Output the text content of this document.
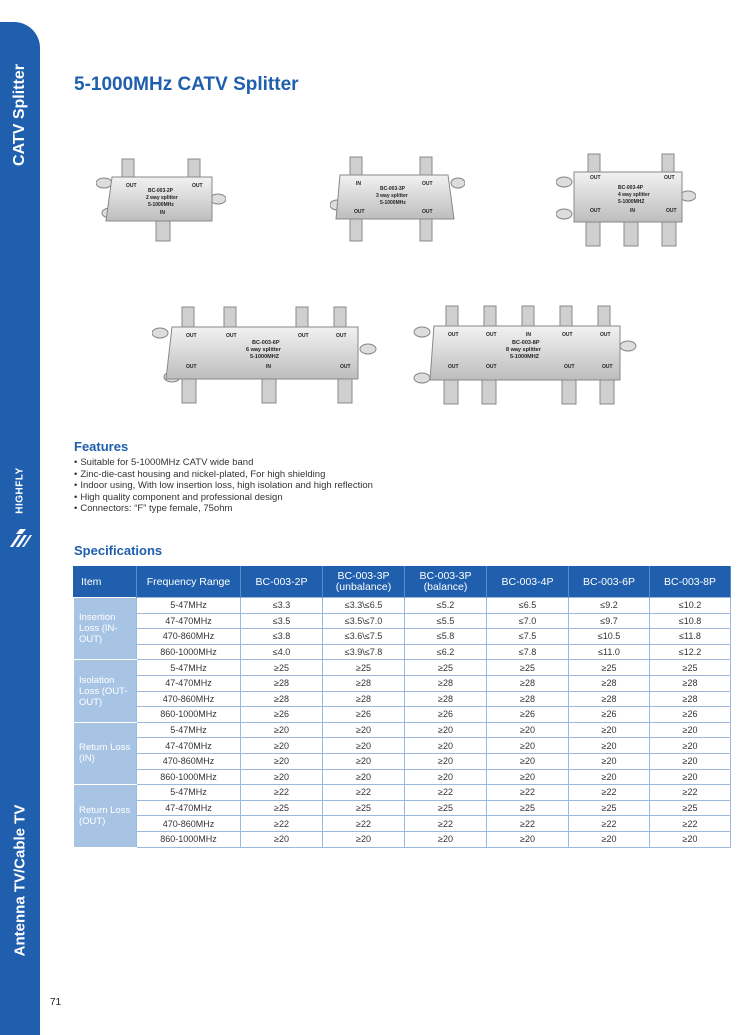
CATV Splitter
HIGHFLY
Antenna TV/Cable TV
71
5-1000MHz CATV Splitter
OUT	OUT
BC-003-2P
2 way splitter
5-1000MHz
IN
IN	OUT
BC-003-3P
3 way splitter
5-1000MHz
OUT	OUT
OUT	OUT
BC-003-4P
4 way splitter
5-1000MHZ
OUT	IN	OUT
OUT	OUT	OUT	OUT
BC-003-6P
6 way splitter
5-1000MHZ
OUT	IN	OUT
OUT	OUT	IN	OUT	OUT
BC-003-8P
8 way splitter
5-1000MHZ
OUT	OUT	OUT	OUT
Features
• Suitable for 5-1000MHz CATV wide band
• Zinc-die-cast housing and nickel-plated, For high shielding
• Indoor using, With low insertion loss, high isolation and high reflection
• High quality component and professional design
• Connectors: “F” type female, 75ohm
Specifications
Item	Frequency Range	BC-003-2P	BC-003-3P (unbalance)	BC-003-3P (balance)	BC-003-4P	BC-003-6P	BC-003-8P
Insertion Loss (IN-OUT)	5-47MHz	≤3.3	≤3.3\≤6.5	≤5.2	≤6.5	≤9.2	≤10.2
	47-470MHz	≤3.5	≤3.5\≤7.0	≤5.5	≤7.0	≤9.7	≤10.8
	470-860MHz	≤3.8	≤3.6\≤7.5	≤5.8	≤7.5	≤10.5	≤11.8
	860-1000MHz	≤4.0	≤3.9\≤7.8	≤6.2	≤7.8	≤11.0	≤12.2
Isolation Loss (OUT-OUT)	5-47MHz	≥25	≥25	≥25	≥25	≥25	≥25
	47-470MHz	≥28	≥28	≥28	≥28	≥28	≥28
	470-860MHz	≥28	≥28	≥28	≥28	≥28	≥28
	860-1000MHz	≥26	≥26	≥26	≥26	≥26	≥26
Return Loss (IN)	5-47MHz	≥20	≥20	≥20	≥20	≥20	≥20
	47-470MHz	≥20	≥20	≥20	≥20	≥20	≥20
	470-860MHz	≥20	≥20	≥20	≥20	≥20	≥20
	860-1000MHz	≥20	≥20	≥20	≥20	≥20	≥20
Return Loss (OUT)	5-47MHz	≥22	≥22	≥22	≥22	≥22	≥22
	47-470MHz	≥25	≥25	≥25	≥25	≥25	≥25
	470-860MHz	≥22	≥22	≥22	≥22	≥22	≥22
	860-1000MHz	≥20	≥20	≥20	≥20	≥20	≥20
